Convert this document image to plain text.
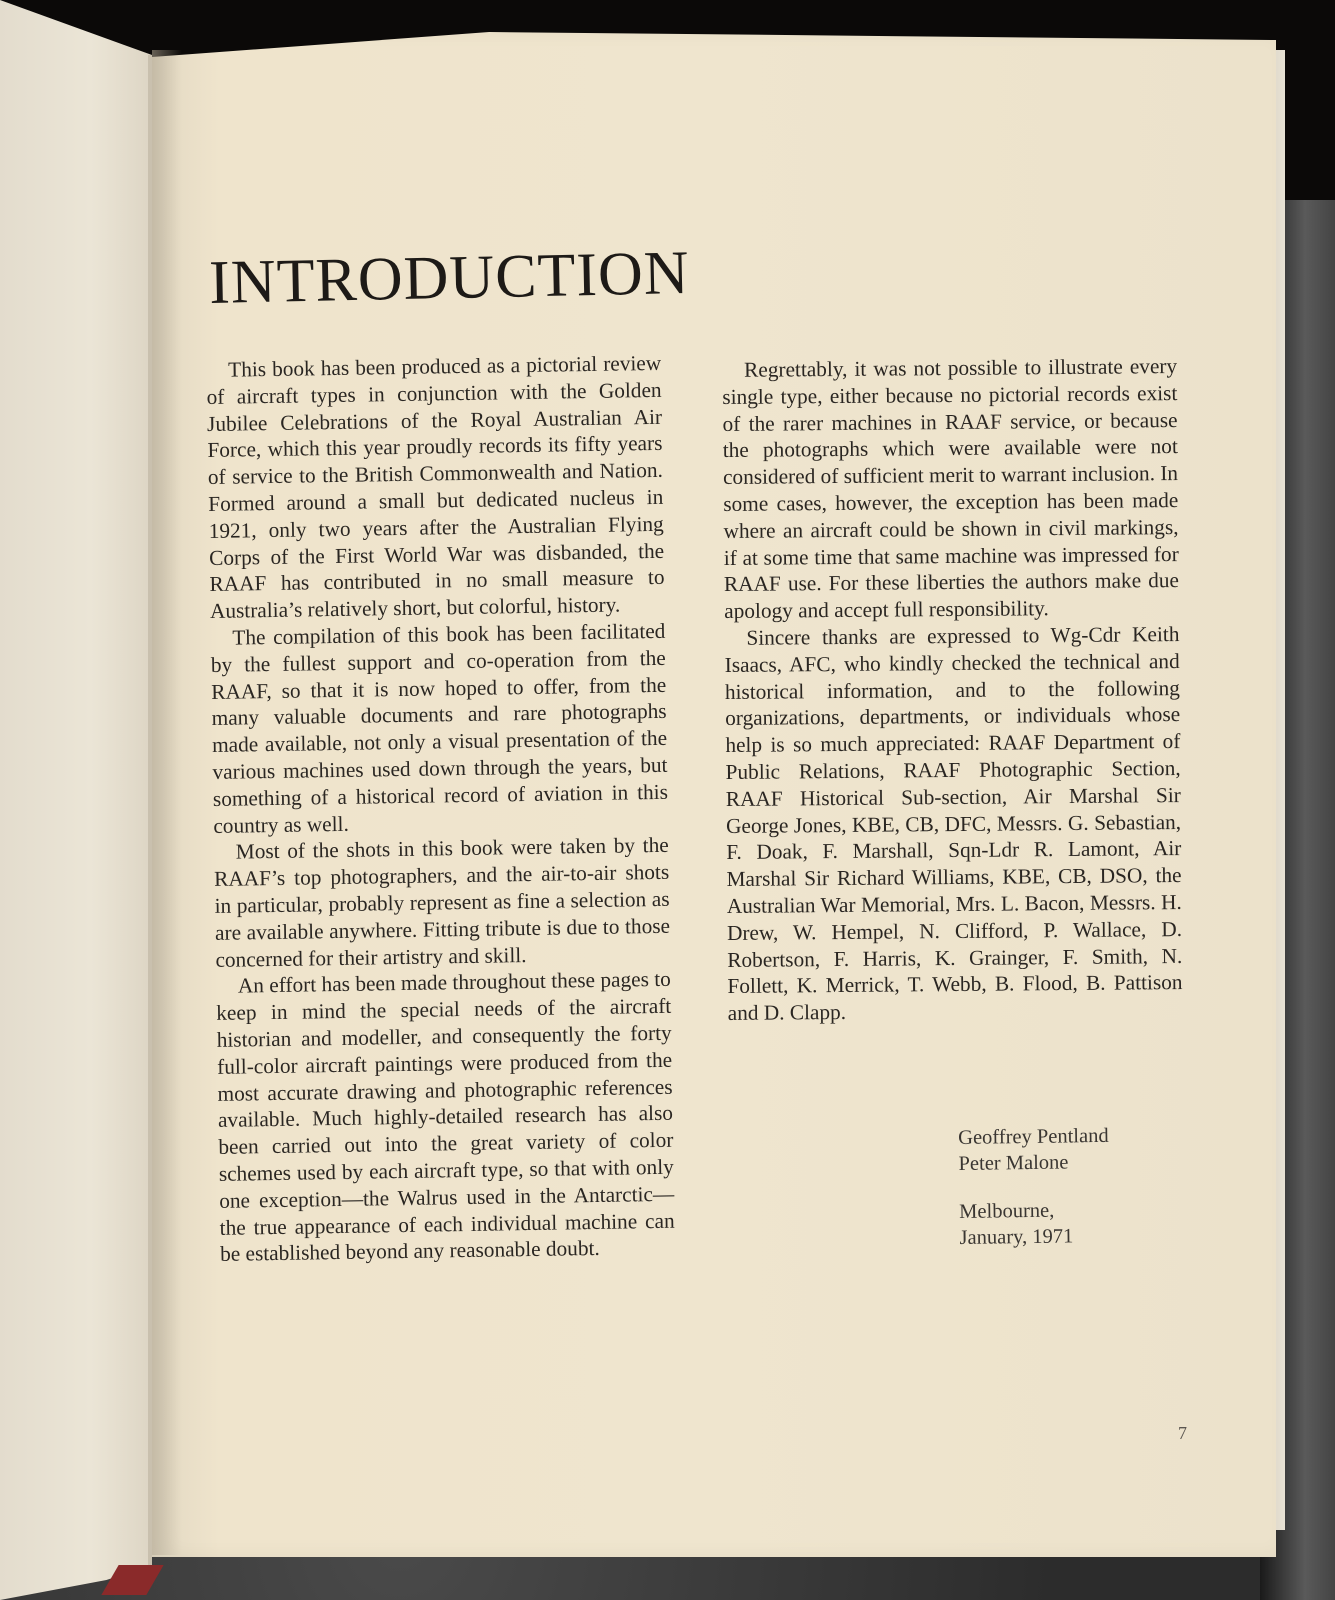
INTRODUCTION

This book has been produced as a pictorial review of aircraft types in conjunction with the Golden Jubilee Celebrations of the Royal Australian Air Force, which this year proudly records its fifty years of service to the British Commonwealth and Nation. Formed around a small but dedicated nucleus in 1921, only two years after the Australian Flying Corps of the First World War was disbanded, the RAAF has contributed in no small measure to Australia’s relatively short, but colorful, history.

The compilation of this book has been facilitated by the fullest support and co-operation from the RAAF, so that it is now hoped to offer, from the many valuable documents and rare photographs made available, not only a visual presentation of the various machines used down through the years, but something of a historical record of aviation in this country as well.

Most of the shots in this book were taken by the RAAF’s top photographers, and the air-to-air shots in particular, probably represent as fine a selection as are available anywhere. Fitting tribute is due to those concerned for their artistry and skill.

An effort has been made throughout these pages to keep in mind the special needs of the aircraft historian and modeller, and consequently the forty full-color aircraft paintings were produced from the most accurate drawing and photographic references available. Much highly-detailed research has also been carried out into the great variety of color schemes used by each aircraft type, so that with only one exception—the Walrus used in the Antarctic—the true appearance of each individual machine can be established beyond any reasonable doubt.

Regrettably, it was not possible to illustrate every single type, either because no pictorial records exist of the rarer machines in RAAF service, or because the photographs which were available were not considered of sufficient merit to warrant inclusion. In some cases, however, the exception has been made where an aircraft could be shown in civil markings, if at some time that same machine was impressed for RAAF use. For these liberties the authors make due apology and accept full responsibility.

Sincere thanks are expressed to Wg-Cdr Keith Isaacs, AFC, who kindly checked the technical and historical information, and to the following organizations, departments, or individuals whose help is so much appreciated: RAAF Department of Public Relations, RAAF Photographic Section, RAAF Historical Sub-section, Air Marshal Sir George Jones, KBE, CB, DFC, Messrs. G. Sebastian, F. Doak, F. Marshall, Sqn-Ldr R. Lamont, Air Marshal Sir Richard Williams, KBE, CB, DSO, the Australian War Memorial, Mrs. L. Bacon, Messrs. H. Drew, W. Hempel, N. Clifford, P. Wallace, D. Robertson, F. Harris, K. Grainger, F. Smith, N. Follett, K. Merrick, T. Webb, B. Flood, B. Pattison and D. Clapp.

Geoffrey Pentland
Peter Malone
Melbourne,
January, 1971
7
